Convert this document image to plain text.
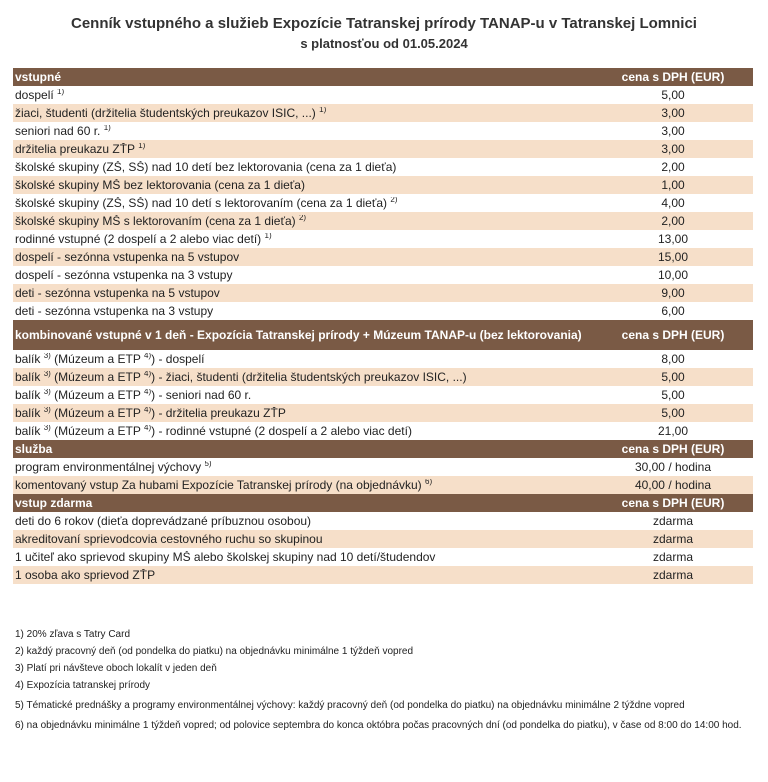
Cenník vstupného a služieb Expozície Tatranskej prírody TANAP-u v Tatranskej Lomnici
s platnosťou od 01.05.2024
vstupné	cena s DPH (EUR)
dospelí $^{1)}$	5,00
žiaci, študenti (držitelia študentských preukazov ISIC, ...) $^{1)}$	3,00
seniori nad 60 r. $^{1)}$	3,00
držitelia preukazu ZŤP $^{1)}$	3,00
školské skupiny (ZŠ, SŠ) nad 10 detí bez lektorovania (cena za 1 dieťa)	2,00
školské skupiny MŠ bez lektorovania (cena za 1 dieťa)	1,00
školské skupiny (ZŠ, SŠ) nad 10 detí s lektorovaním (cena za 1 dieťa) $^{2)}$	4,00
školské skupiny MŠ s lektorovaním (cena za 1 dieťa) $^{2)}$	2,00
rodinné vstupné (2 dospelí a 2 alebo viac detí) $^{1)}$	13,00
dospelí - sezónna vstupenka na 5 vstupov	15,00
dospelí - sezónna vstupenka na 3 vstupy	10,00
deti - sezónna vstupenka na 5 vstupov	9,00
deti - sezónna vstupenka na 3 vstupy	6,00
kombinované vstupné v 1 deň - Expozícia Tatranskej prírody + Múzeum TANAP-u (bez lektorovania)	cena s DPH (EUR)
balík $^{3)}$ (Múzeum a ETP $^{4)}$) - dospelí	8,00
balík $^{3)}$ (Múzeum a ETP $^{4)}$) - žiaci, študenti (držitelia študentských preukazov ISIC, ...)	5,00
balík $^{3)}$ (Múzeum a ETP $^{4)}$) - seniori nad 60 r.	5,00
balík $^{3)}$ (Múzeum a ETP $^{4)}$) - držitelia preukazu ZŤP	5,00
balík $^{3)}$ (Múzeum a ETP $^{4)}$) - rodinné vstupné (2 dospelí a 2 alebo viac detí)	21,00
služba	cena s DPH (EUR)
program environmentálnej výchovy $^{5)}$	30,00 / hodina
komentovaný vstup Za hubami Expozície Tatranskej prírody (na objednávku) $^{6)}$	40,00 / hodina
vstup zdarma	cena s DPH (EUR)
deti do 6 rokov (dieťa doprevádzané príbuznou osobou)	zdarma
akreditovaní sprievodcovia cestovného ruchu so skupinou	zdarma
1 učiteľ ako sprievod skupiny MŠ alebo školskej skupiny nad 10 detí/študendov	zdarma
1 osoba ako sprievod ZŤP	zdarma
1) 20% zľava s Tatry Card
2) každý pracovný deň (od pondelka do piatku) na objednávku minimálne 1 týždeň vopred
3) Platí pri návšteve oboch lokalít v jeden deň
4) Expozícia tatranskej prírody
5) Tématické prednášky a programy environmentálnej výchovy: každý pracovný deň (od pondelka do piatku) na objednávku minimálne 2 týždne vopred
6) na objednávku minimálne 1 týždeň vopred; od polovice septembra do konca októbra počas pracovných dní (od pondelka do piatku), v čase od 8:00 do 14:00 hod.
